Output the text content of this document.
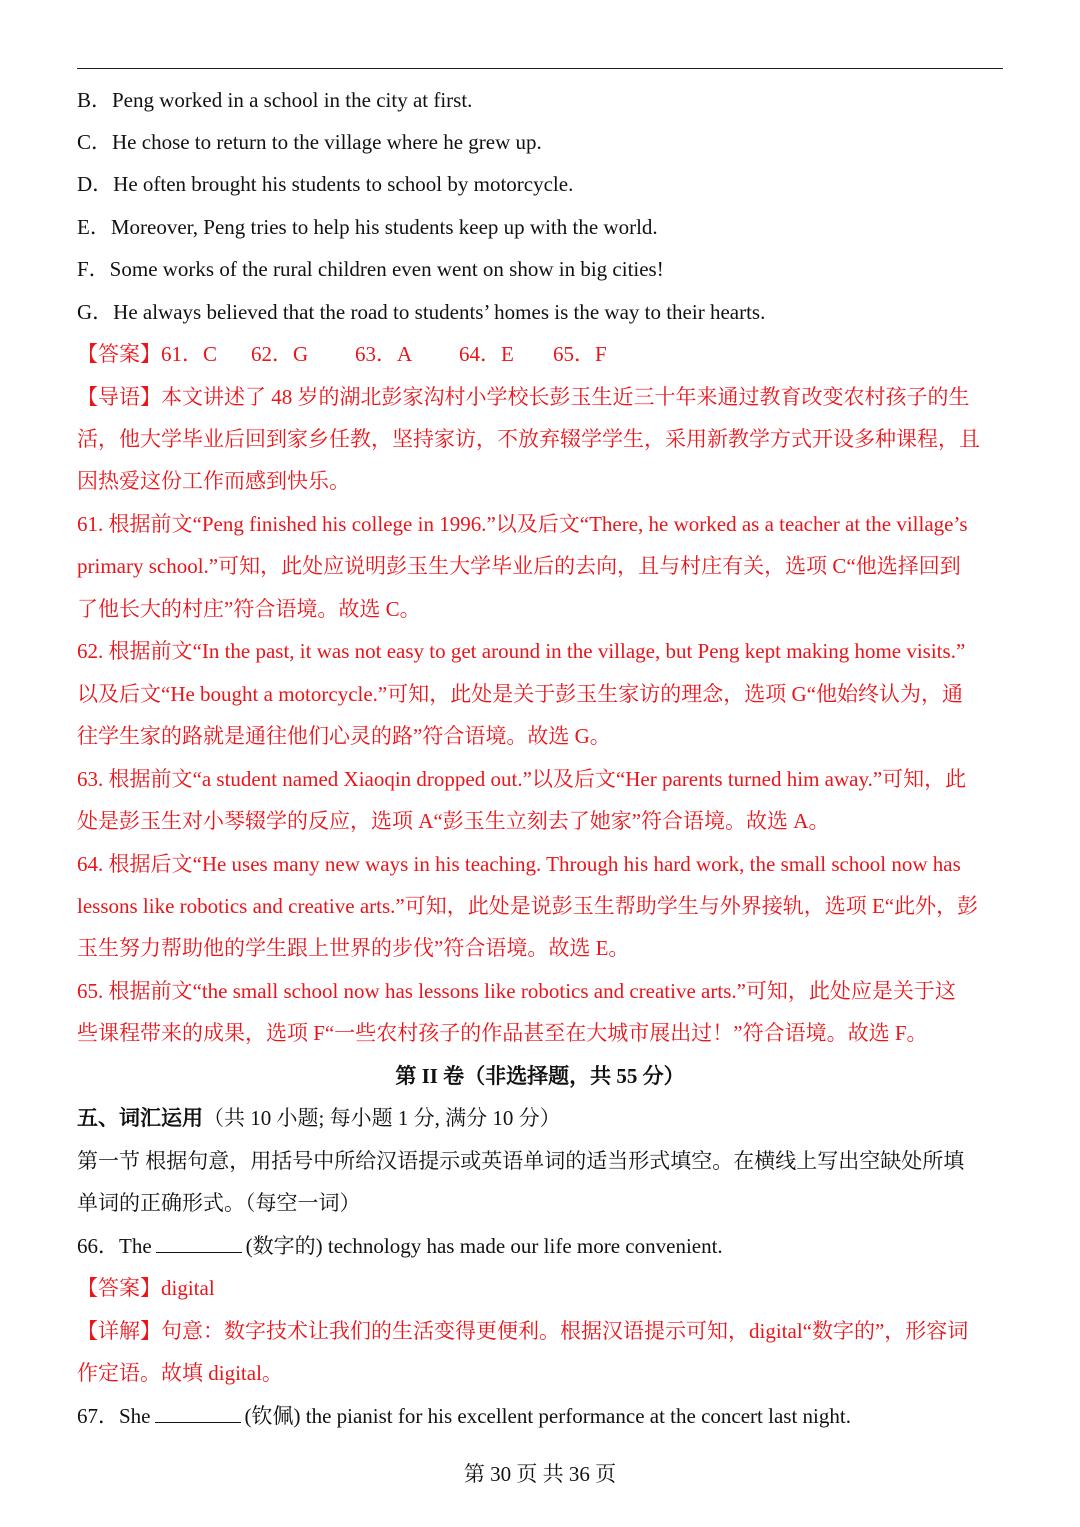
B．Peng worked in a school in the city at first.
C．He chose to return to the village where he grew up.
D．He often brought his students to school by motorcycle.
E．Moreover, Peng tries to help his students keep up with the world.
F．Some works of the rural children even went on show in big cities!
G．He always believed that the road to students’ homes is the way to their hearts.
【答案】61．C 62．G 63．A 64．E 65．F
【导语】本文讲述了 48 岁的湖北彭家沟村小学校长彭玉生近三十年来通过教育改变农村孩子的生
活，他大学毕业后回到家乡任教，坚持家访，不放弃辍学学生，采用新教学方式开设多种课程，且
因热爱这份工作而感到快乐。
61. 根据前文“Peng finished his college in 1996.”以及后文“There, he worked as a teacher at the village’s
primary school.”可知，此处应说明彭玉生大学毕业后的去向，且与村庄有关，选项 C“他选择回到
了他长大的村庄”符合语境。故选 C。
62. 根据前文“In the past, it was not easy to get around in the village, but Peng kept making home visits.”
以及后文“He bought a motorcycle.”可知，此处是关于彭玉生家访的理念，选项 G“他始终认为，通
往学生家的路就是通往他们心灵的路”符合语境。故选 G。
63. 根据前文“a student named Xiaoqin dropped out.”以及后文“Her parents turned him away.”可知，此
处是彭玉生对小琴辍学的反应，选项 A“彭玉生立刻去了她家”符合语境。故选 A。
64. 根据后文“He uses many new ways in his teaching. Through his hard work, the small school now has
lessons like robotics and creative arts.”可知，此处是说彭玉生帮助学生与外界接轨，选项 E“此外，彭
玉生努力帮助他的学生跟上世界的步伐”符合语境。故选 E。
65. 根据前文“the small school now has lessons like robotics and creative arts.”可知，此处应是关于这
些课程带来的成果，选项 F“一些农村孩子的作品甚至在大城市展出过！”符合语境。故选 F。
第 II 卷（非选择题，共 55 分）
五、词汇运用（共 10 小题; 每小题 1 分, 满分 10 分）
第一节 根据句意，用括号中所给汉语提示或英语单词的适当形式填空。在横线上写出空缺处所填
单词的正确形式。（每空一词）
66．The	(数字的) technology has made our life more convenient.
【答案】digital
【详解】句意：数字技术让我们的生活变得更便利。根据汉语提示可知，digital“数字的”，形容词
作定语。故填 digital。
67．She	(钦佩) the pianist for his excellent performance at the concert last night.
第 30 页 共 36 页
